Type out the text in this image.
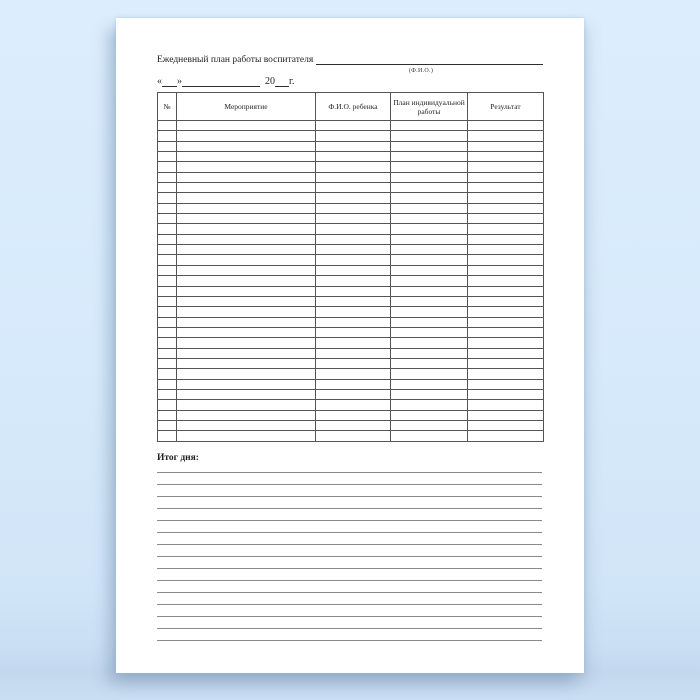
Ежедневный план работы воспитателя
(Ф.И.О.)
« »	20 г.
№	Мероприятие	Ф.И.О. ребенка	План индивидуальной работы	Результат

Итог дня:
